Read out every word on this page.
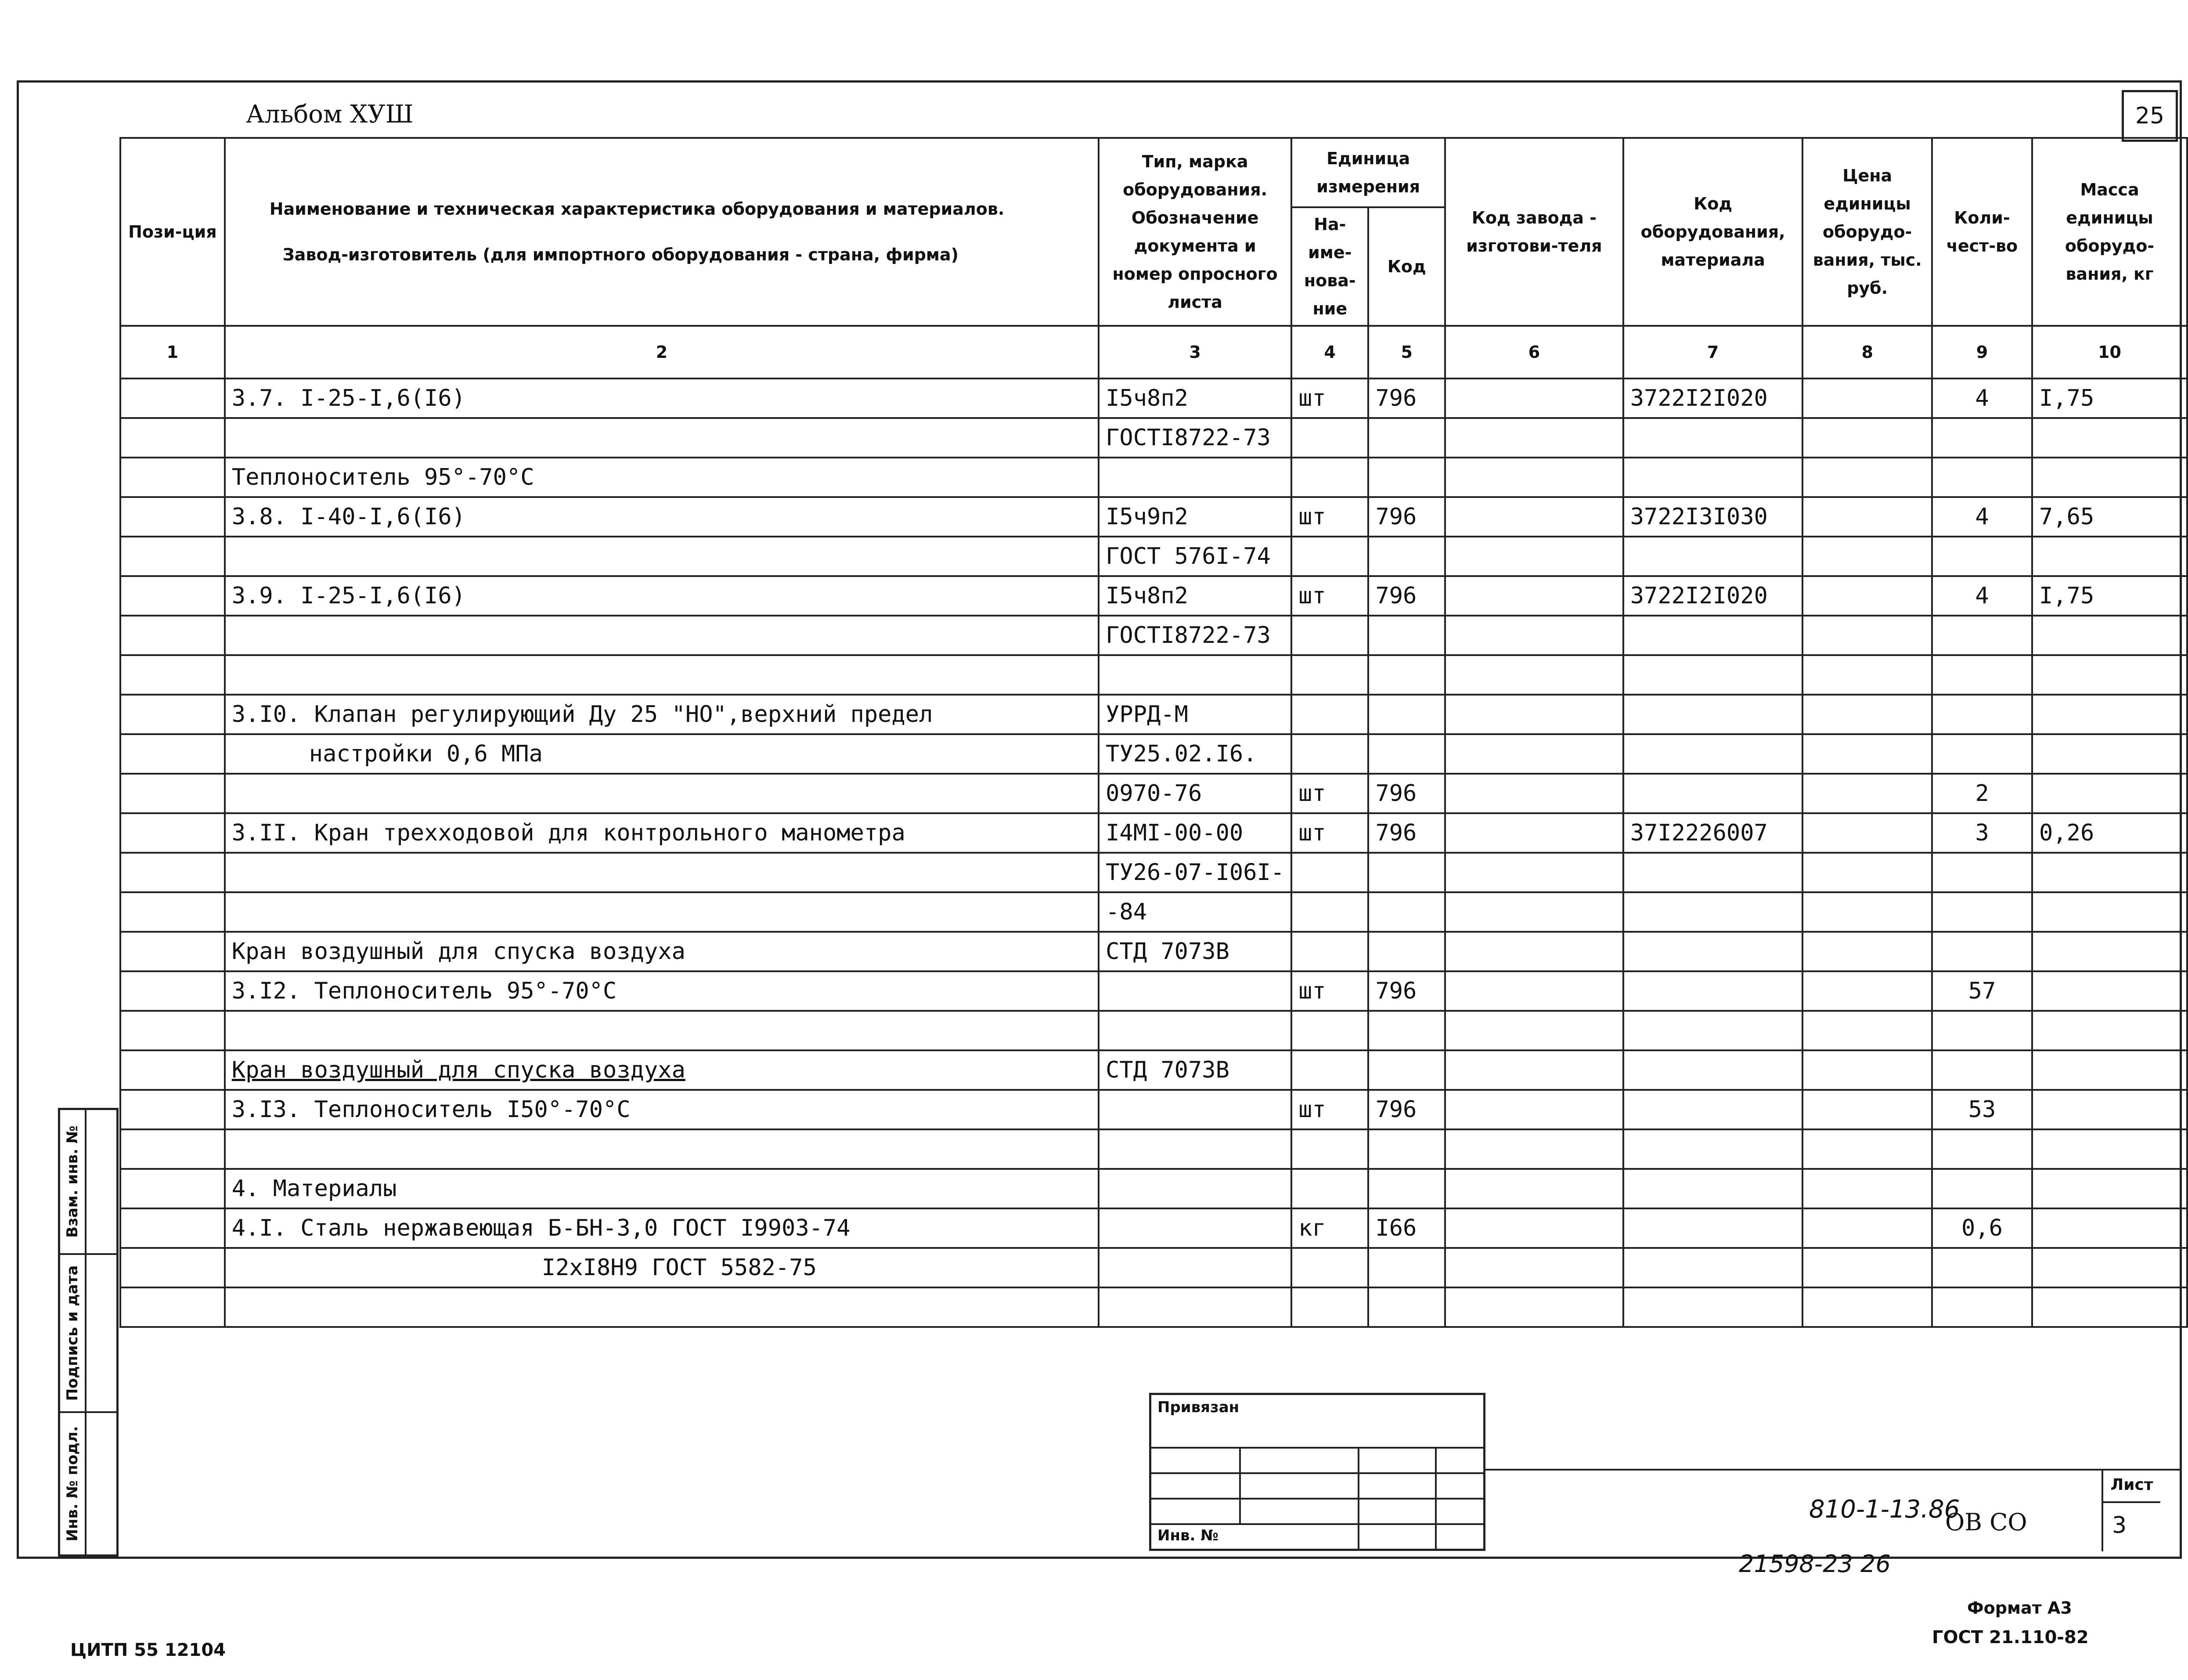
Альбом XУШ	25
Пози-ция	Наименование и техническая характеристика оборудования и материалов.
Завод-изготовитель (для импортного оборудования - страна, фирма)	Тип, марка оборудования. Обозначение документа и номер опросного листа	Единица измерения		Код завода - изготови-теля	Код оборудования, материала	Цена единицы оборудо-вания, тыс. руб.	Коли-чест-во	Масса единицы оборудо-вания, кг
			На-име-нова-ние	Код					
1	2	3	4	5	6	7	8	9	10
	3.7. I-25-I,6(I6)	I5ч8п2	шт	796		3722I2I020		4	I,75
		ГОСТI8722-73							
	Теплоноситель 95°-70°С								
	3.8. I-40-I,6(I6)	I5ч9п2	шт	796		3722I3I030		4	7,65
		ГОСТ 576I-74							
	3.9. I-25-I,6(I6)	I5ч8п2	шт	796		3722I2I020		4	I,75
		ГОСТI8722-73							

	3.I0. Клапан регулирующий Ду 25 "НО",верхний предел	УРРД-М							
	настройки 0,6 МПа	ТУ25.02.I6.							
		0970-76	шт	796				2	
	3.II. Кран трехходовой для контрольного манометра	I4MI-00-00	шт	796		37I2226007		3	0,26
		ТУ26-07-I06I-							
		-84							
	Кран воздушный для спуска воздуха	СТД 7073В							
	3.I2. Теплоноситель 95°-70°С		шт	796				57	

	Кран воздушный для спуска воздуха	СТД 7073В							
	3.I3. Теплоноситель I50°-70°С		шт	796				53	

	4. Материалы								
	4.I. Сталь нержавеющая Б-БН-3,0 ГОСТ I9903-74		кг	I66				0,6	
	I2xI8H9 ГОСТ 5582-75								

Взам. инв. №
Подпись и дата
Инв. № подл.
Привязан
Инв. №
810-1-13.86
ОВ СО
Лист
3
21598-23 26
Формат А3
ГОСТ 21.110-82
ЦИТП 55 12104
